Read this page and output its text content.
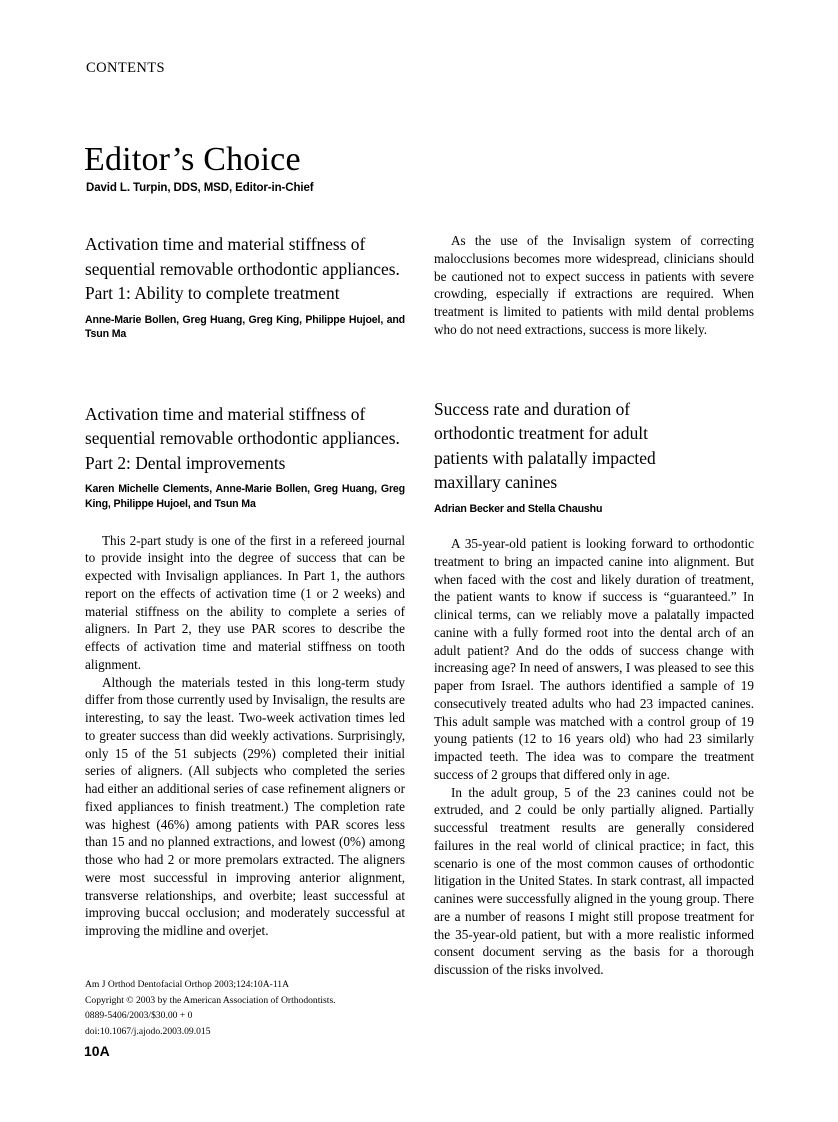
CONTENTS
Editor’s Choice
David L. Turpin, DDS, MSD, Editor-in-Chief
Activation time and material stiffness of sequential removable orthodontic appliances. Part 1: Ability to complete treatment

Anne-Marie Bollen, Greg Huang, Greg King, Philippe Hujoel, and Tsun Ma

Activation time and material stiffness of sequential removable orthodontic appliances. Part 2: Dental improvements

Karen Michelle Clements, Anne-Marie Bollen, Greg Huang, Greg King, Philippe Hujoel, and Tsun Ma

This 2-part study is one of the first in a refereed journal to provide insight into the degree of success that can be expected with Invisalign appliances. In Part 1, the authors report on the effects of activation time (1 or 2 weeks) and material stiffness on the ability to complete a series of aligners. In Part 2, they use PAR scores to describe the effects of activation time and material stiffness on tooth alignment.

Although the materials tested in this long-term study differ from those currently used by Invisalign, the results are interesting, to say the least. Two-week activation times led to greater success than did weekly activations. Surprisingly, only 15 of the 51 subjects (29%) completed their initial series of aligners. (All subjects who completed the series had either an additional series of case refinement aligners or fixed appliances to finish treatment.) The completion rate was highest (46%) among patients with PAR scores less than 15 and no planned extractions, and lowest (0%) among those who had 2 or more premolars extracted. The aligners were most successful in improving anterior alignment, transverse relationships, and overbite; least successful at improving buccal occlusion; and moderately successful at improving the midline and overjet.

As the use of the Invisalign system of correcting malocclusions becomes more widespread, clinicians should be cautioned not to expect success in patients with severe crowding, especially if extractions are required. When treatment is limited to patients with mild dental problems who do not need extractions, success is more likely.

Success rate and duration of orthodontic treatment for adult patients with palatally impacted maxillary canines

Adrian Becker and Stella Chaushu

A 35-year-old patient is looking forward to orthodontic treatment to bring an impacted canine into alignment. But when faced with the cost and likely duration of treatment, the patient wants to know if success is “guaranteed.” In clinical terms, can we reliably move a palatally impacted canine with a fully formed root into the dental arch of an adult patient? And do the odds of success change with increasing age? In need of answers, I was pleased to see this paper from Israel. The authors identified a sample of 19 consecutively treated adults who had 23 impacted canines. This adult sample was matched with a control group of 19 young patients (12 to 16 years old) who had 23 similarly impacted teeth. The idea was to compare the treatment success of 2 groups that differed only in age.

In the adult group, 5 of the 23 canines could not be extruded, and 2 could be only partially aligned. Partially successful treatment results are generally considered failures in the real world of clinical practice; in fact, this scenario is one of the most common causes of orthodontic litigation in the United States. In stark contrast, all impacted canines were successfully aligned in the young group. There are a number of reasons I might still propose treatment for the 35-year-old patient, but with a more realistic informed consent document serving as the basis for a thorough discussion of the risks involved.

Am J Orthod Dentofacial Orthop 2003;124:10A-11A
Copyright © 2003 by the American Association of Orthodontists.
0889-5406/2003/$30.00 + 0
doi:10.1067/j.ajodo.2003.09.015
10A
